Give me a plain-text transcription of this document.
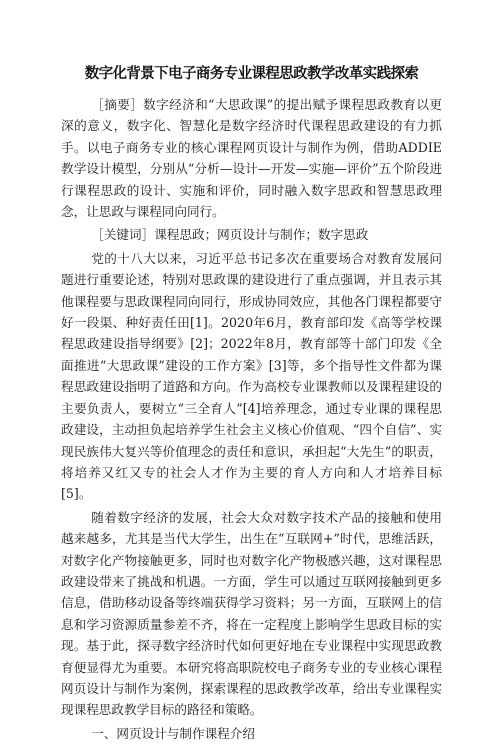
数字化背景下电子商务专业课程思政教学改革实践探索

［摘要］数字经济和“大思政课”的提出赋予课程思政教育以更深的意义，数字化、智慧化是数字经济时代课程思政建设的有力抓手。以电子商务专业的核心课程网页设计与制作为例，借助ADDIE教学设计模型，分别从“分析—设计—开发—实施—评价”五个阶段进行课程思政的设计、实施和评价，同时融入数字思政和智慧思政理念，让思政与课程同向同行。

［关键词］课程思政；网页设计与制作；数字思政

党的十八大以来，习近平总书记多次在重要场合对教育发展问题进行重要论述，特别对思政课的建设进行了重点强调，并且表示其他课程要与思政课程同向同行，形成协同效应，其他各门课程都要守好一段渠、种好责任田[1]。2020年6月，教育部印发《高等学校课程思政建设指导纲要》[2]；2022年8月，教育部等十部门印发《全面推进“大思政课”建设的工作方案》[3]等，多个指导性文件都为课程思政建设指明了道路和方向。作为高校专业课教师以及课程建设的主要负责人，要树立“三全育人”[4]培养理念，通过专业课的课程思政建设，主动担负起培养学生社会主义核心价值观、“四个自信”、实现民族伟大复兴等价值理念的责任和意识，承担起“大先生”的职责，将培养又红又专的社会人才作为主要的育人方向和人才培养目标[5]。

随着数字经济的发展，社会大众对数字技术产品的接触和使用越来越多，尤其是当代大学生，出生在“互联网+”时代，思维活跃，对数字化产物接触更多，同时也对数字化产物极感兴趣，这对课程思政建设带来了挑战和机遇。一方面，学生可以通过互联网接触到更多信息，借助移动设备等终端获得学习资料；另一方面，互联网上的信息和学习资源质量参差不齐，将在一定程度上影响学生思政目标的实现。基于此，探寻数字经济时代如何更好地在专业课程中实现思政教育便显得尤为重要。本研究将高职院校电子商务专业的专业核心课程网页设计与制作为案例，探索课程的思政教学改革，给出专业课程实现课程思政教学目标的路径和策略。

一、网页设计与制作课程介绍
